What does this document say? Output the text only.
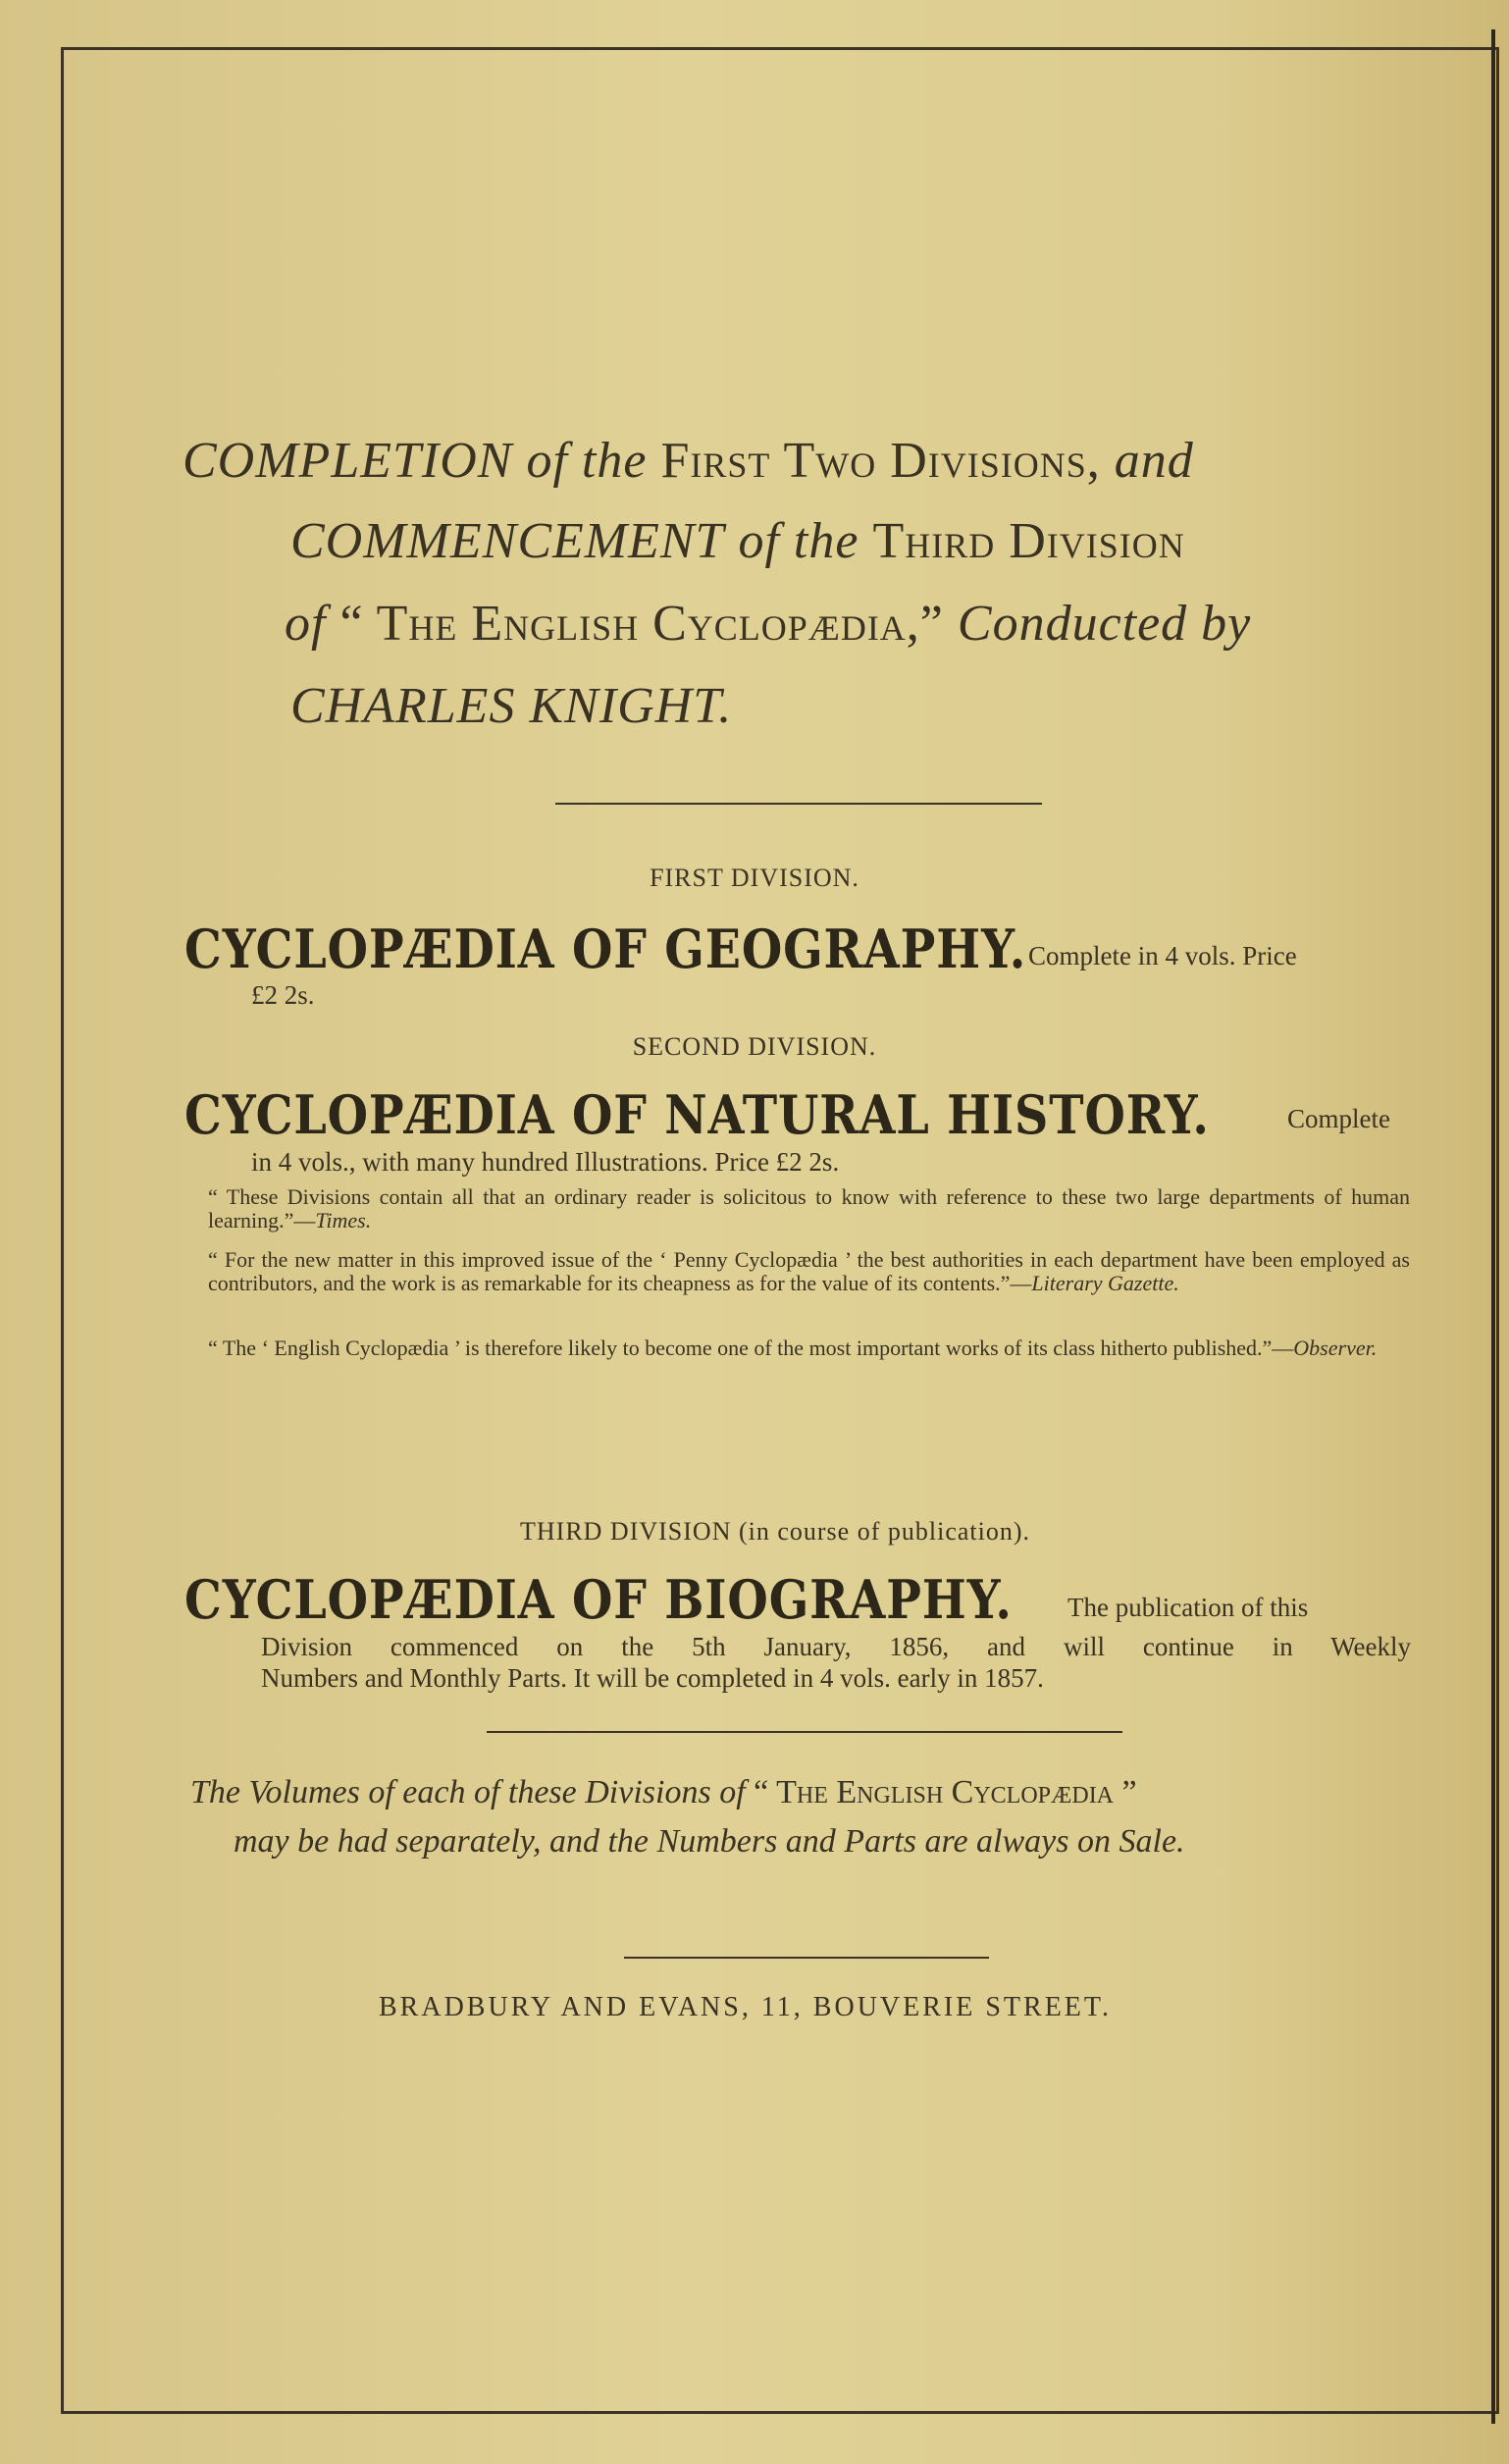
COMPLETION of the First Two Divisions, and
COMMENCEMENT of the Third Division
of “ The English Cyclopædia,” Conducted by
CHARLES KNIGHT.
FIRST DIVISION.
CYCLOPÆDIA OF GEOGRAPHY. Complete in 4 vols. Price
£2 2s.
SECOND DIVISION.
CYCLOPÆDIA OF NATURAL HISTORY.	Complete
in 4 vols., with many hundred Illustrations. Price £2 2s.
“ These Divisions contain all that an ordinary reader is solicitous to know with reference to these two large departments of human learning.”—Times.
“ For the new matter in this improved issue of the ‘ Penny Cyclopædia ’ the best authorities in each department have been employed as contributors, and the work is as remarkable for its cheapness as for the value of its contents.”—Literary Gazette.
“ The ‘ English Cyclopædia ’ is therefore likely to become one of the most important works of its class hitherto published.”—Observer.
THIRD DIVISION (in course of publication).
CYCLOPÆDIA OF BIOGRAPHY. The publication of this
Division commenced on the 5th January, 1856, and will continue in Weekly
Numbers and Monthly Parts. It will be completed in 4 vols. early in 1857.
The Volumes of each of these Divisions of “ The English Cyclopædia ”
may be had separately, and the Numbers and Parts are always on Sale.
BRADBURY AND EVANS, 11, BOUVERIE STREET.
